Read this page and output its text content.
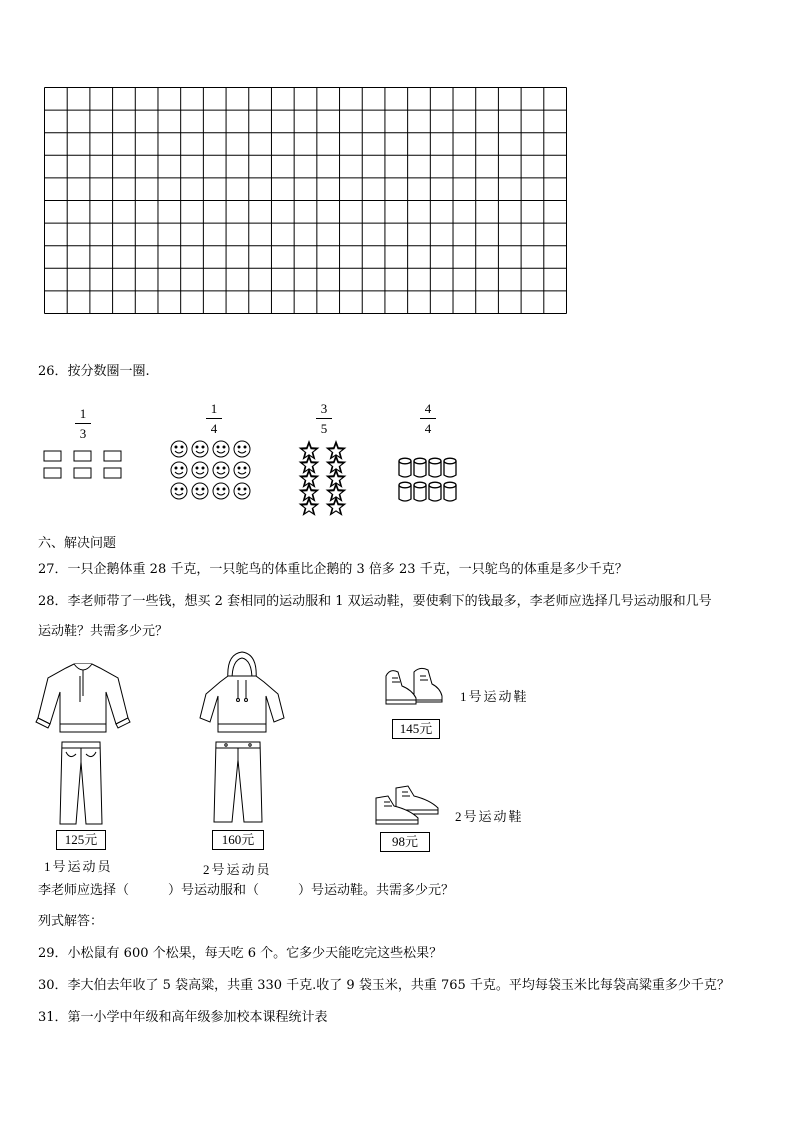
26．按分数圈一圈.
1
3
1
4
3
5
4
4
六、解决问题
27．一只企鹅体重 28 千克，一只鸵鸟的体重比企鹅的 3 倍多 23 千克，一只鸵鸟的体重是多少千克？
28．李老师带了一些钱，想买 2 套相同的运动服和 1 双运动鞋，要使剩下的钱最多，李老师应选择几号运动服和几号
运动鞋？共需多少元？
125元
1号运动员
160元
2号运动员
145元
1号运动鞋
98元
2号运动鞋
李老师应选择（　　　）号运动服和（　　　）号运动鞋。共需多少元？
列式解答：
29．小松鼠有 600 个松果，每天吃 6 个。它多少天能吃完这些松果？
30．李大伯去年收了 5 袋高粱，共重 330 千克.收了 9 袋玉米，共重 765 千克。平均每袋玉米比每袋高粱重多少千克？
31．第一小学中年级和高年级参加校本课程统计表
